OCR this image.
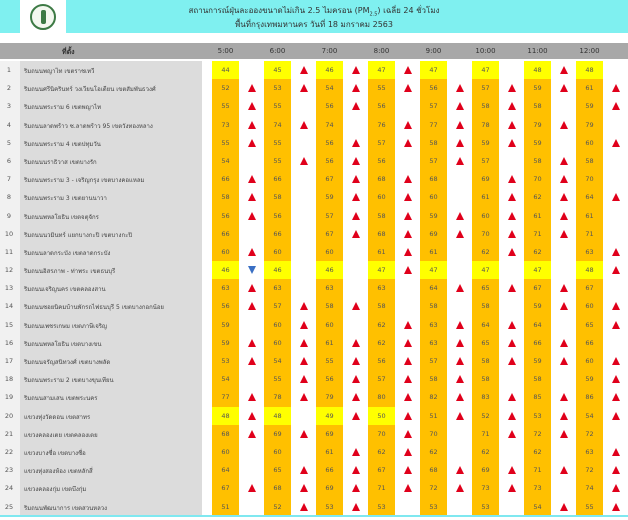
สถานการณ์ฝุ่นละอองขนาดไม่เกิน 2.5 ไมครอน $(PM_{2.5})$ เฉลี่ย 24 ชั่วโมง
พื้นที่กรุงเทพมหานคร วันที่ 18 มกราคม 2563
ที่ตั้ง	5:00	6:00	7:00	8:00	9:00	10:00	11:00	12:00
1	ริมถนนพญาไท เขตราชเทวี	44	45	46	47	47	47	48	48
2	ริมถนนศรีนิครินทร์ วงเวียนโอเดียน เขตสัมพันธวงศ์	52	53	54	55	56	57	59	61
3	ริมถนนพระราม 6 เขตพญาไท	55	55	56	56	57	58	58	59
4	ริมถนนลาดพร้าว ซ.ลาดพร้าว 95 เขตวังทองหลาง	73	74	74	76	77	78	79	79
5	ริมถนนพระราม 4 เขตปทุมวัน	55	55	56	57	58	59	59	60
6	ริมถนนนราธิวาส เขตบางรัก	54	55	56	56	57	57	58	58
7	ริมถนนพระราม 3 - เจริญกรุง เขตบางคอแหลม	66	66	67	68	68	69	70	70
8	ริมถนนพระราม 3 เขตยานนาวา	58	58	59	60	60	61	62	64
9	ริมถนนพหลโยธิน เขตจตุจักร	56	56	57	58	59	60	61	61
10	ริมถนนนวมินทร์ แยกบางกะปิ เขตบางกะปิ	66	66	67	68	69	70	71	71
11	ริมถนนลาดกระบัง เขตลาดกระบัง	60	60	60	61	61	62	62	63
12	ริมถนนอิสรภาพ - ท่าพระ เขตธนบุรี	46	46	46	47	47	47	47	48
13	ริมถนนเจริญนคร เขตคลองสาน	63	63	63	63	64	65	67	67
14	ริมถนนซอยนิคมบ้านพักรถไฟธนบุรี 5 เขตบางกอกน้อย	56	57	58	58	58	58	59	60
15	ริมถนนเพชรเกษม เขตภาษีเจริญ	59	60	60	62	63	64	64	65
16	ริมถนนพหลโยธิน เขตบางเขน	59	60	61	62	63	65	66	66
17	ริมถนนจรัญสนิทวงศ์ เขตบางพลัด	53	54	55	56	57	58	59	60
18	ริมถนนพระราม 2 เขตบางขุนเทียน	54	55	56	57	58	58	58	59
19	ริมถนนสามเสน เขตพระนคร	77	78	79	80	82	83	85	86
20	แขวงทุ่งวัดดอน เขตสาทร	48	48	49	50	51	52	53	54
21	แขวงคลองเตย เขตคลองเตย	68	69	69	70	70	71	72	72
22	แขวงบางซื่อ เขตบางซื่อ	60	60	61	62	62	62	62	63
23	แขวงทุ่งสองห้อง เขตหลักสี่	64	65	66	67	68	69	71	72
24	แขวงคลองกุ่ม เขตบึงกุ่ม	67	68	69	71	72	73	73	74
25	ริมถนนพัฒนาการ เขตสวนหลวง	51	52	53	53	53	53	54	55
